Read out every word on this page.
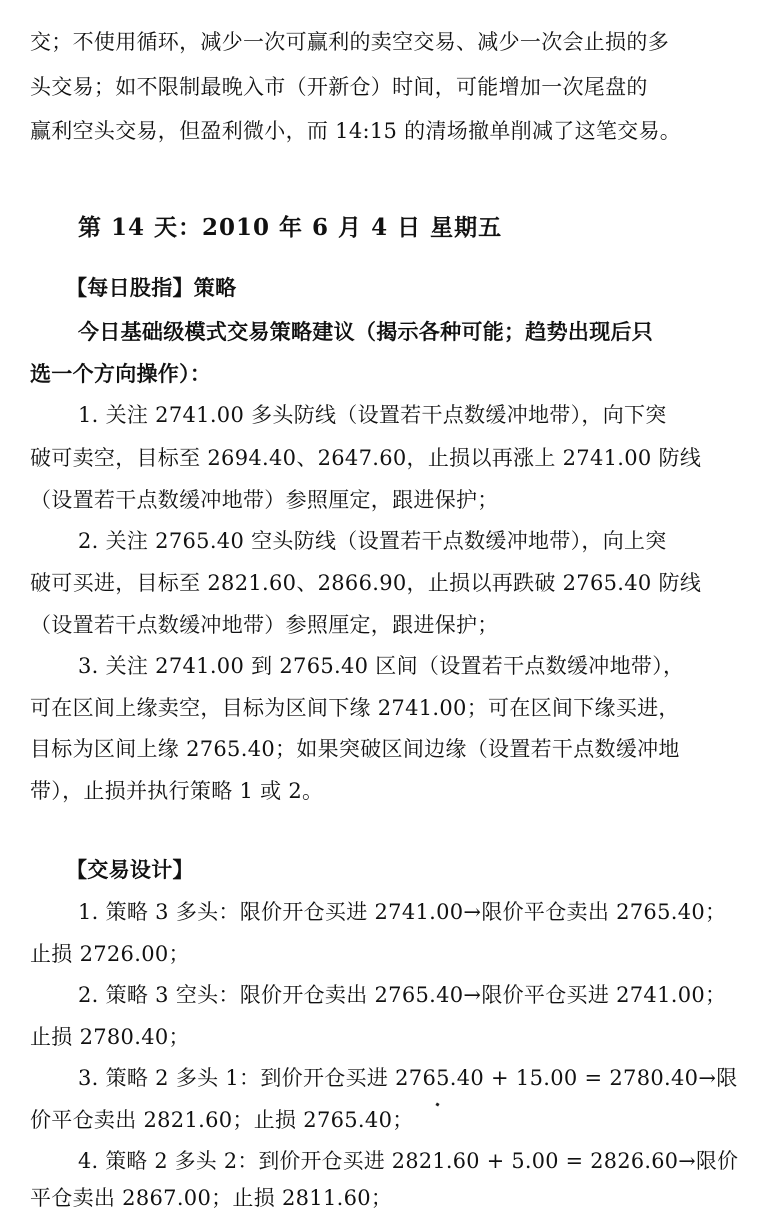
交；不使用循环，减少一次可赢利的卖空交易、减少一次会止损的多
头交易；如不限制最晚入市（开新仓）时间，可能增加一次尾盘的
赢利空头交易，但盈利微小，而 14:15 的清场撤单削减了这笔交易。
第 14 天：2010 年 6 月 4 日 星期五
【每日股指】策略
今日基础级模式交易策略建议（揭示各种可能；趋势出现后只
选一个方向操作）：
1. 关注 2741.00 多头防线（设置若干点数缓冲地带），向下突
破可卖空，目标至 2694.40、2647.60，止损以再涨上 2741.00 防线
（设置若干点数缓冲地带）参照厘定，跟进保护；
2. 关注 2765.40 空头防线（设置若干点数缓冲地带），向上突
破可买进，目标至 2821.60、2866.90，止损以再跌破 2765.40 防线
（设置若干点数缓冲地带）参照厘定，跟进保护；
3. 关注 2741.00 到 2765.40 区间（设置若干点数缓冲地带），
可在区间上缘卖空，目标为区间下缘 2741.00；可在区间下缘买进，
目标为区间上缘 2765.40；如果突破区间边缘（设置若干点数缓冲地
带），止损并执行策略 1 或 2。
【交易设计】
1. 策略 3 多头：限价开仓买进 2741.00→限价平仓卖出 2765.40；
止损 2726.00；
2. 策略 3 空头：限价开仓卖出 2765.40→限价平仓买进 2741.00；
止损 2780.40；
3. 策略 2 多头 1：到价开仓买进 2765.40 + 15.00 = 2780.40→限
价平仓卖出 2821.60；止损 2765.40；
4. 策略 2 多头 2：到价开仓买进 2821.60 + 5.00 = 2826.60→限价
平仓卖出 2867.00；止损 2811.60；
